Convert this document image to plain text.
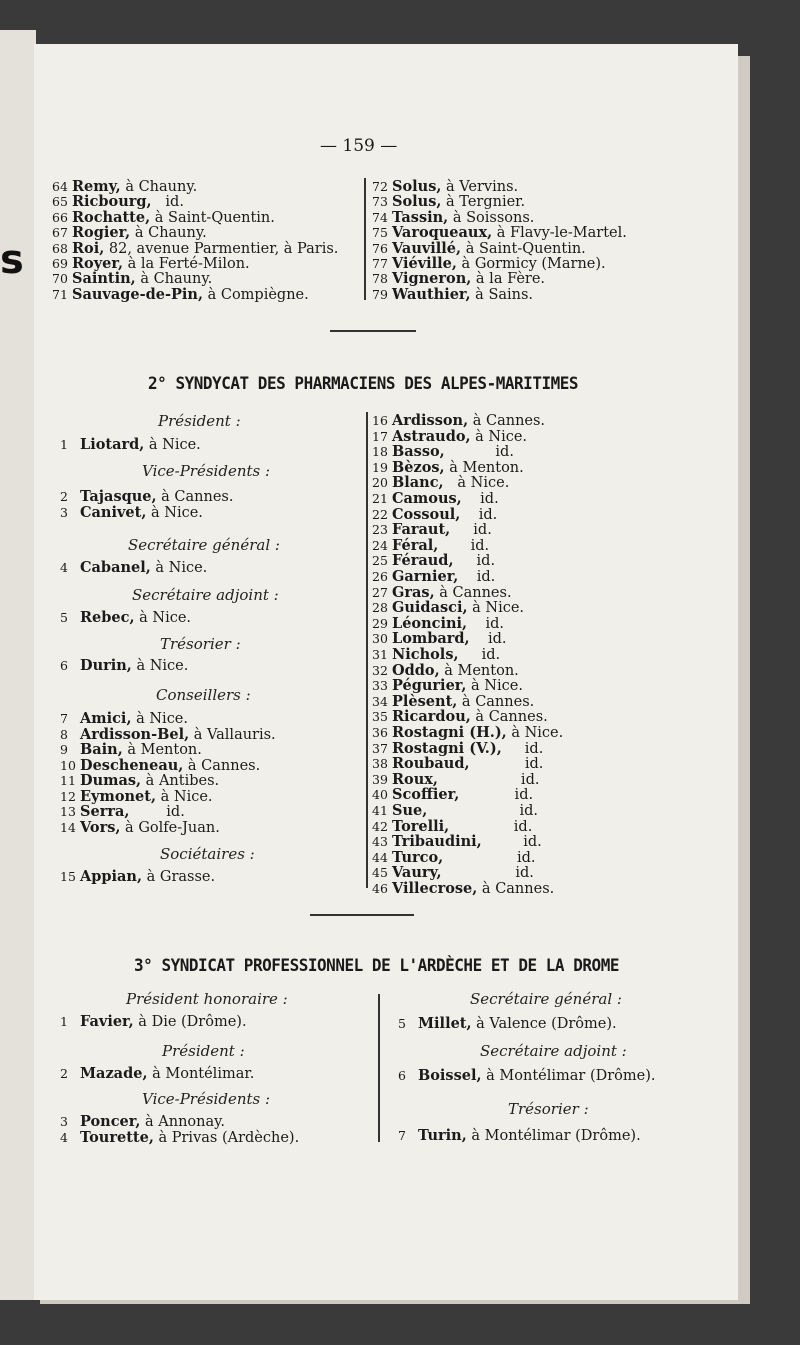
s
— 159 —
64 Remy, à Chauny.
65 Ricbourg,   id.
66 Rochatte, à Saint-Quentin.
67 Rogier, à Chauny.
68 Roi, 82, avenue Parmentier, à Paris.
69 Royer, à la Ferté-Milon.
70 Saintin, à Chauny.
71 Sauvage-de-Pin, à Compiègne.
72 Solus, à Vervins.
73 Solus, à Tergnier.
74 Tassin, à Soissons.
75 Varoqueaux, à Flavy-le-Martel.
76 Vauvillé, à Saint-Quentin.
77 Viéville, à Gormicy (Marne).
78 Vigneron, à la Fère.
79 Wauthier, à Sains.
2° SYNDYCAT DES PHARMACIENS DES ALPES-MARITIMES
Président :
1 Liotard, à Nice.
Vice-Présidents :
2 Tajasque, à Cannes.
3 Canivet, à Nice.
Secrétaire général :
4 Cabanel, à Nice.
Secrétaire adjoint :
5 Rebec, à Nice.
Trésorier :
6 Durin, à Nice.
Conseillers :
7 Amici, à Nice.
8 Ardisson-Bel, à Vallauris.
9 Bain, à Menton.
10 Descheneau, à Cannes.
11 Dumas, à Antibes.
12 Eymonet, à Nice.
13 Serra,        id.
14 Vors, à Golfe-Juan.
Sociétaires :
15 Appian, à Grasse.
16 Ardisson, à Cannes.
17 Astraudo, à Nice.
18 Basso,           id.
19 Bèzos, à Menton.
20 Blanc,   à Nice.
21 Camous,    id.
22 Cossoul,    id.
23 Faraut,     id.
24 Féral,       id.
25 Féraud,     id.
26 Garnier,    id.
27 Gras, à Cannes.
28 Guidasci, à Nice.
29 Léoncini,    id.
30 Lombard,    id.
31 Nichols,     id.
32 Oddo, à Menton.
33 Pégurier, à Nice.
34 Plèsent, à Cannes.
35 Ricardou, à Cannes.
36 Rostagni (H.), à Nice.
37 Rostagni (V.),     id.
38 Roubaud,            id.
39 Roux,                  id.
40 Scoffier,            id.
41 Sue,                    id.
42 Torelli,              id.
43 Tribaudini,         id.
44 Turco,                id.
45 Vaury,                id.
46 Villecrose, à Cannes.
3° SYNDICAT PROFESSIONNEL DE L'ARDÈCHE ET DE LA DROME
Président honoraire :
1 Favier, à Die (Drôme).
Président :
2 Mazade, à Montélimar.
Vice-Présidents :
3 Poncer, à Annonay.
4 Tourette, à Privas (Ardèche).
Secrétaire général :
5 Millet, à Valence (Drôme).
Secrétaire adjoint :
6 Boissel, à Montélimar (Drôme).
Trésorier :
7 Turin, à Montélimar (Drôme).
